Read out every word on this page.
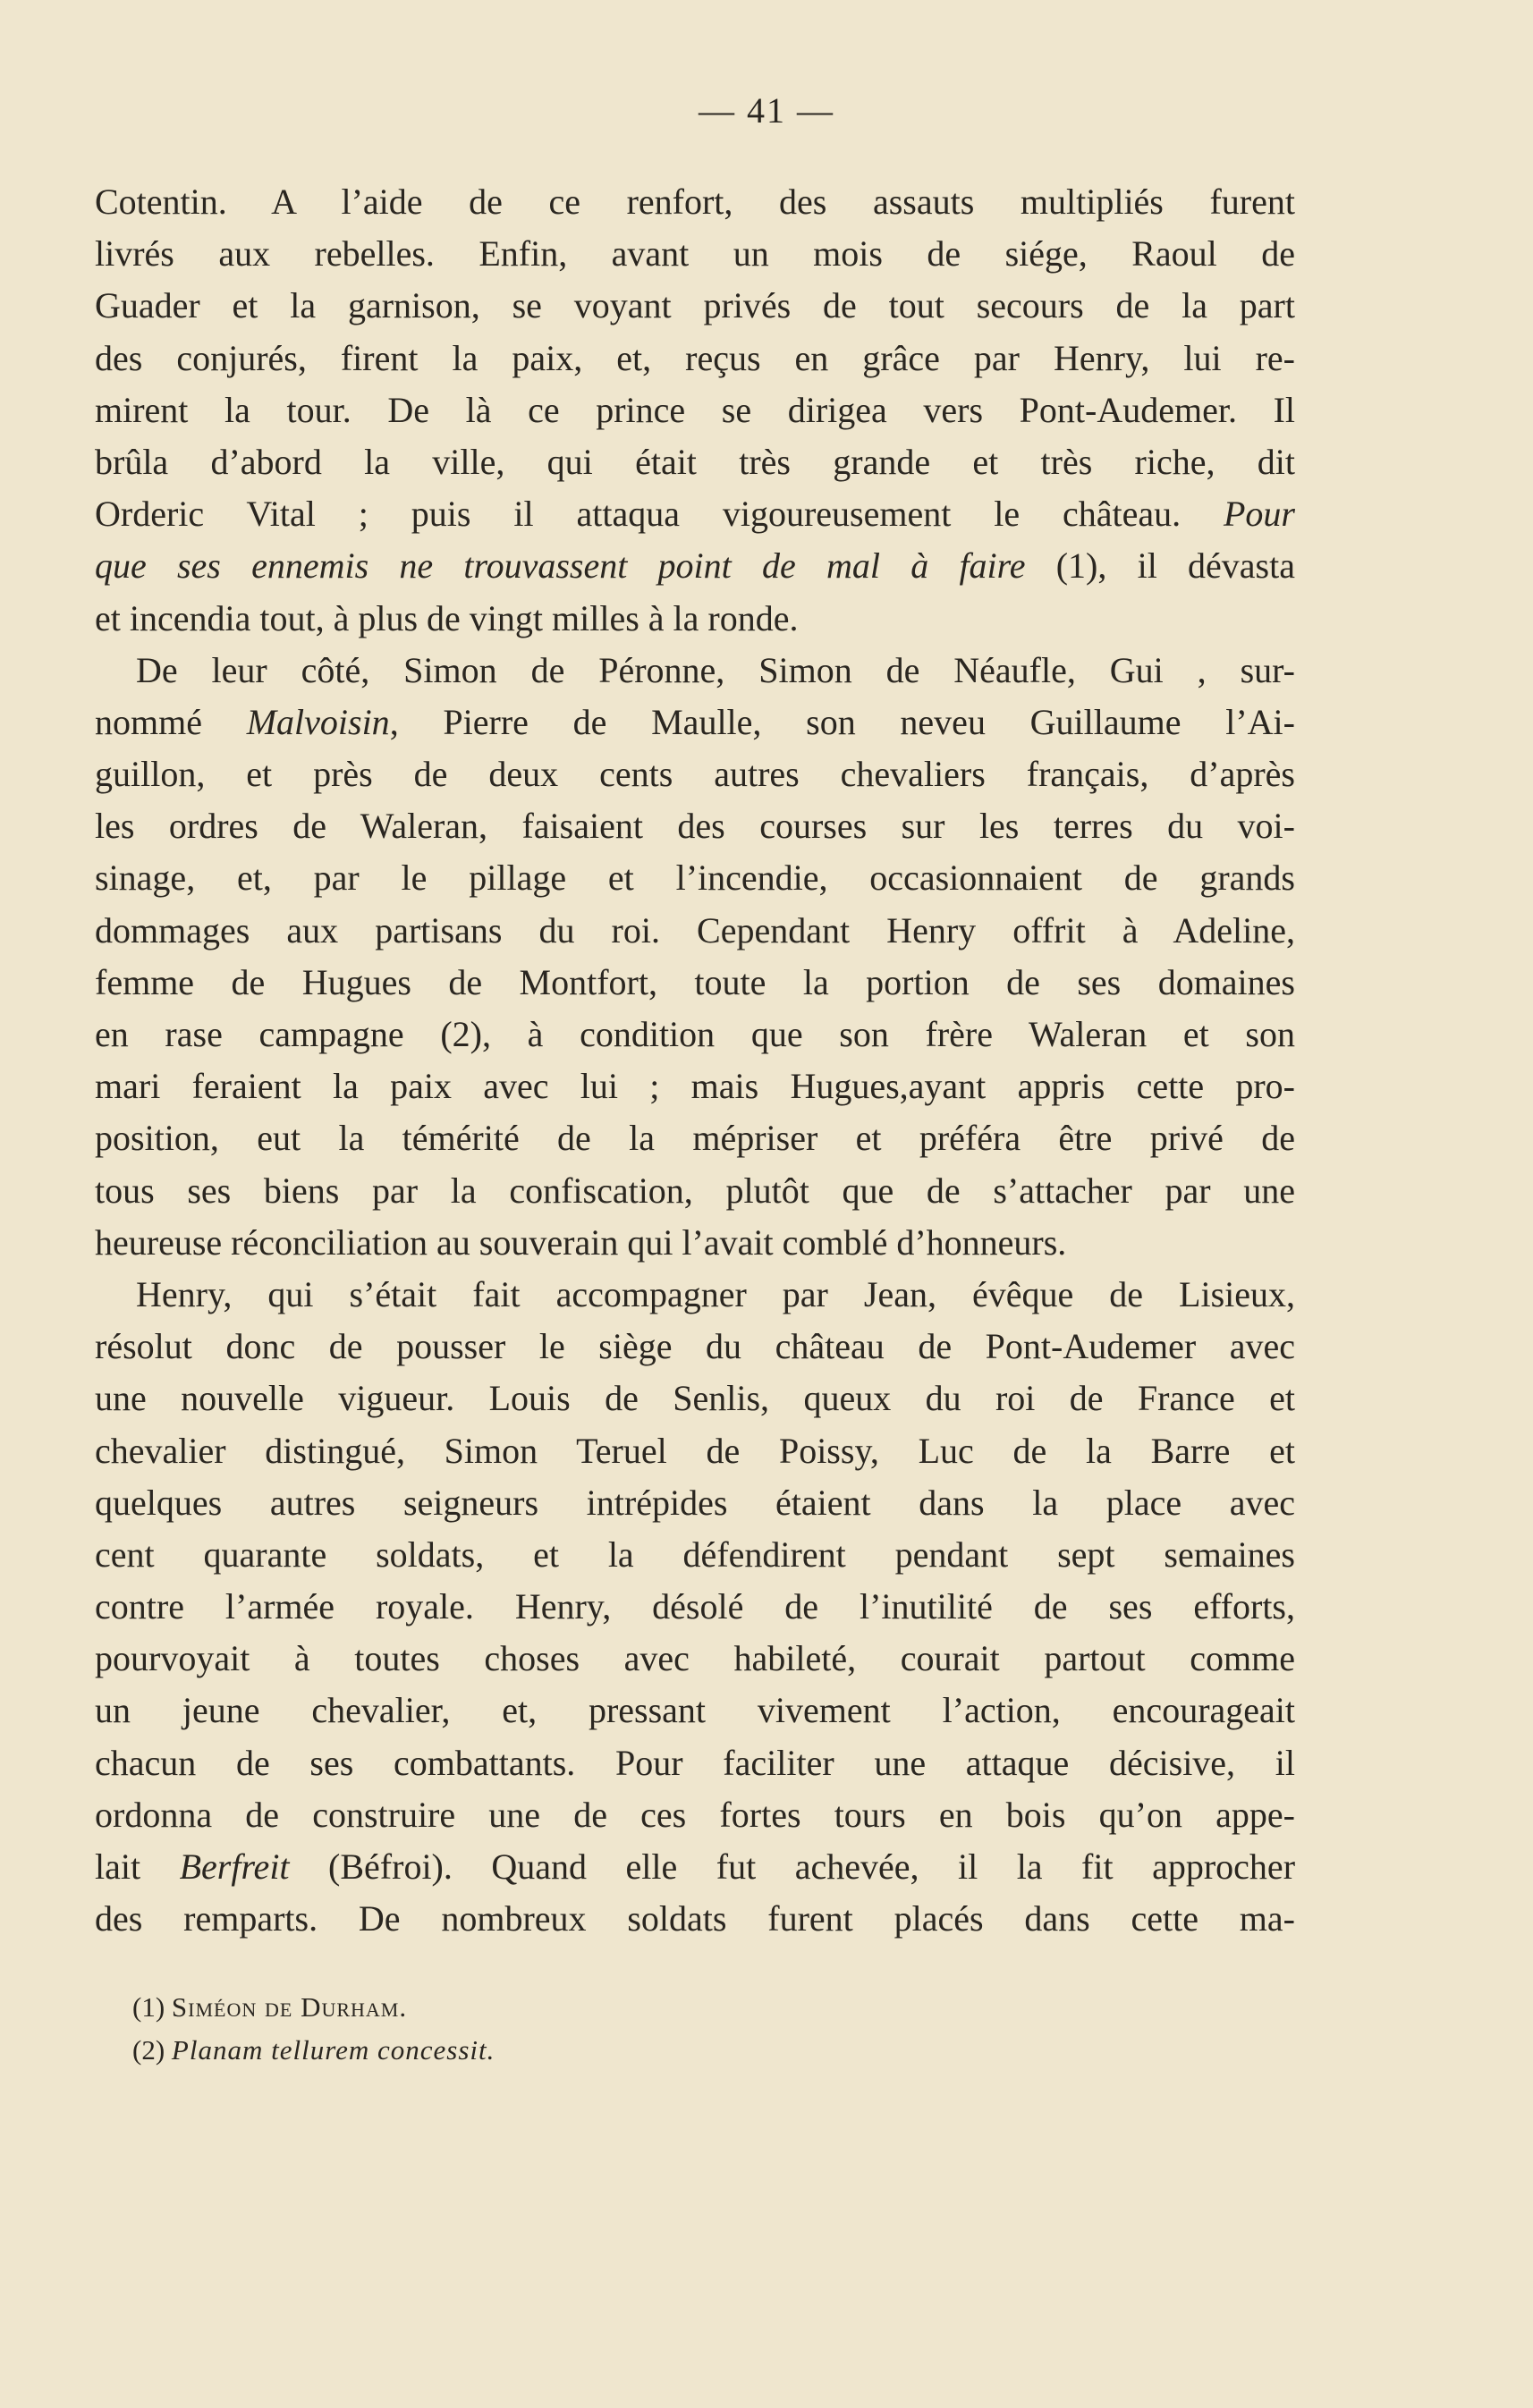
— 41 —
Cotentin. A l’aide de ce renfort, des assauts multipliés furent
livrés aux rebelles. Enfin, avant un mois de siége, Raoul de
Guader et la garnison, se voyant privés de tout secours de la part
des conjurés, firent la paix, et, reçus en grâce par Henry, lui re-
mirent la tour. De là ce prince se dirigea vers Pont-Audemer. Il
brûla d’abord la ville, qui était très grande et très riche, dit
Orderic Vital ; puis il attaqua vigoureusement le château. Pour
que ses ennemis ne trouvassent point de mal à faire (1), il dévasta
et incendia tout, à plus de vingt milles à la ronde.
De leur côté, Simon de Péronne, Simon de Néaufle, Gui , sur-
nommé Malvoisin, Pierre de Maulle, son neveu Guillaume l’Ai-
guillon, et près de deux cents autres chevaliers français, d’après
les ordres de Waleran, faisaient des courses sur les terres du voi-
sinage, et, par le pillage et l’incendie, occasionnaient de grands
dommages aux partisans du roi. Cependant Henry offrit à Adeline,
femme de Hugues de Montfort, toute la portion de ses domaines
en rase campagne (2), à condition que son frère Waleran et son
mari feraient la paix avec lui ; mais Hugues,ayant appris cette pro-
position, eut la témérité de la mépriser et préféra être privé de
tous ses biens par la confiscation, plutôt que de s’attacher par une
heureuse réconciliation au souverain qui l’avait comblé d’honneurs.
Henry, qui s’était fait accompagner par Jean, évêque de Lisieux,
résolut donc de pousser le siège du château de Pont-Audemer avec
une nouvelle vigueur. Louis de Senlis, queux du roi de France et
chevalier distingué, Simon Teruel de Poissy, Luc de la Barre et
quelques autres seigneurs intrépides étaient dans la place avec
cent quarante soldats, et la défendirent pendant sept semaines
contre l’armée royale. Henry, désolé de l’inutilité de ses efforts,
pourvoyait à toutes choses avec habileté, courait partout comme
un jeune chevalier, et, pressant vivement l’action, encourageait
chacun de ses combattants. Pour faciliter une attaque décisive, il
ordonna de construire une de ces fortes tours en bois qu’on appe-
lait Berfreit (Béfroi). Quand elle fut achevée, il la fit approcher
des remparts. De nombreux soldats furent placés dans cette ma-
(1) Siméon de Durham.
(2) Planam tellurem concessit.
